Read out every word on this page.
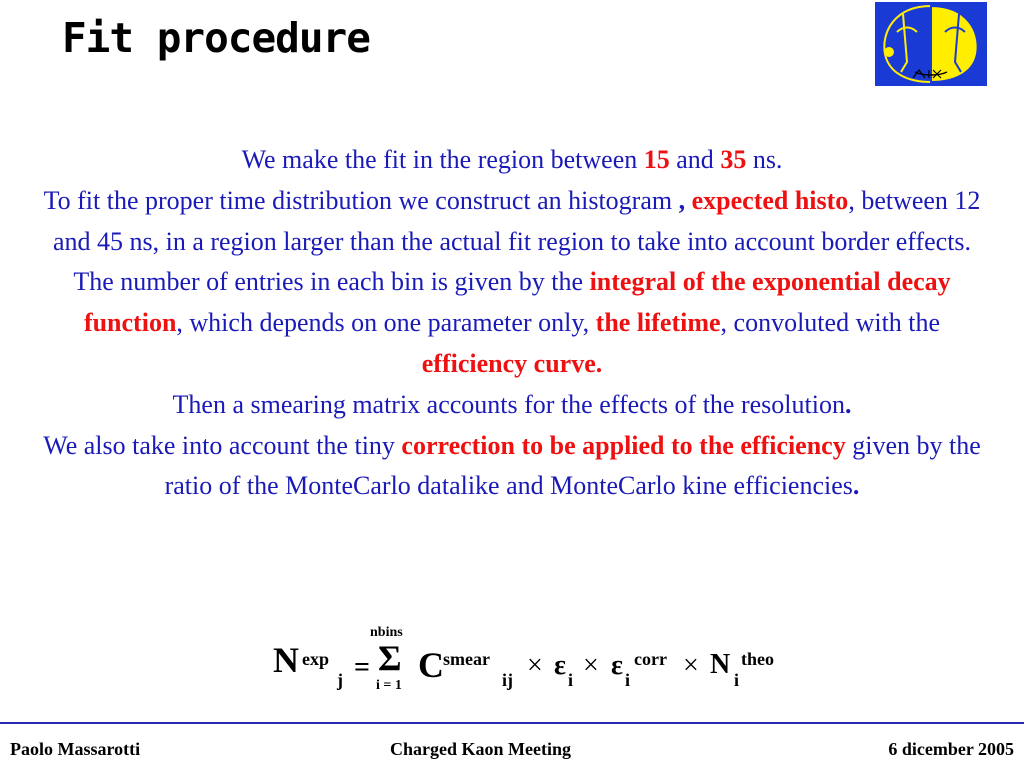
Fit procedure

We make the fit in the region between 15 and 35 ns.

To fit the proper time distribution we construct an histogram , expected histo, between 12 and 45 ns, in a region larger than the actual fit region to take into account border effects.

The number of entries in each bin is given by the integral of the exponential decay function, which depends on one parameter only, the lifetime, convoluted with the efficiency curve.

Then a smearing matrix accounts for the effects of the resolution.

We also take into account the tiny correction to be applied to the efficiency given by the ratio of the MonteCarlo datalike and MonteCarlo kine efficiencies.

N exp
j =
nbins
Σ
i = 1
C smear
ij × ε i × ε i
corr × N i
theo
Paolo Massarotti	Charged Kaon Meeting	6 dicember 2005
